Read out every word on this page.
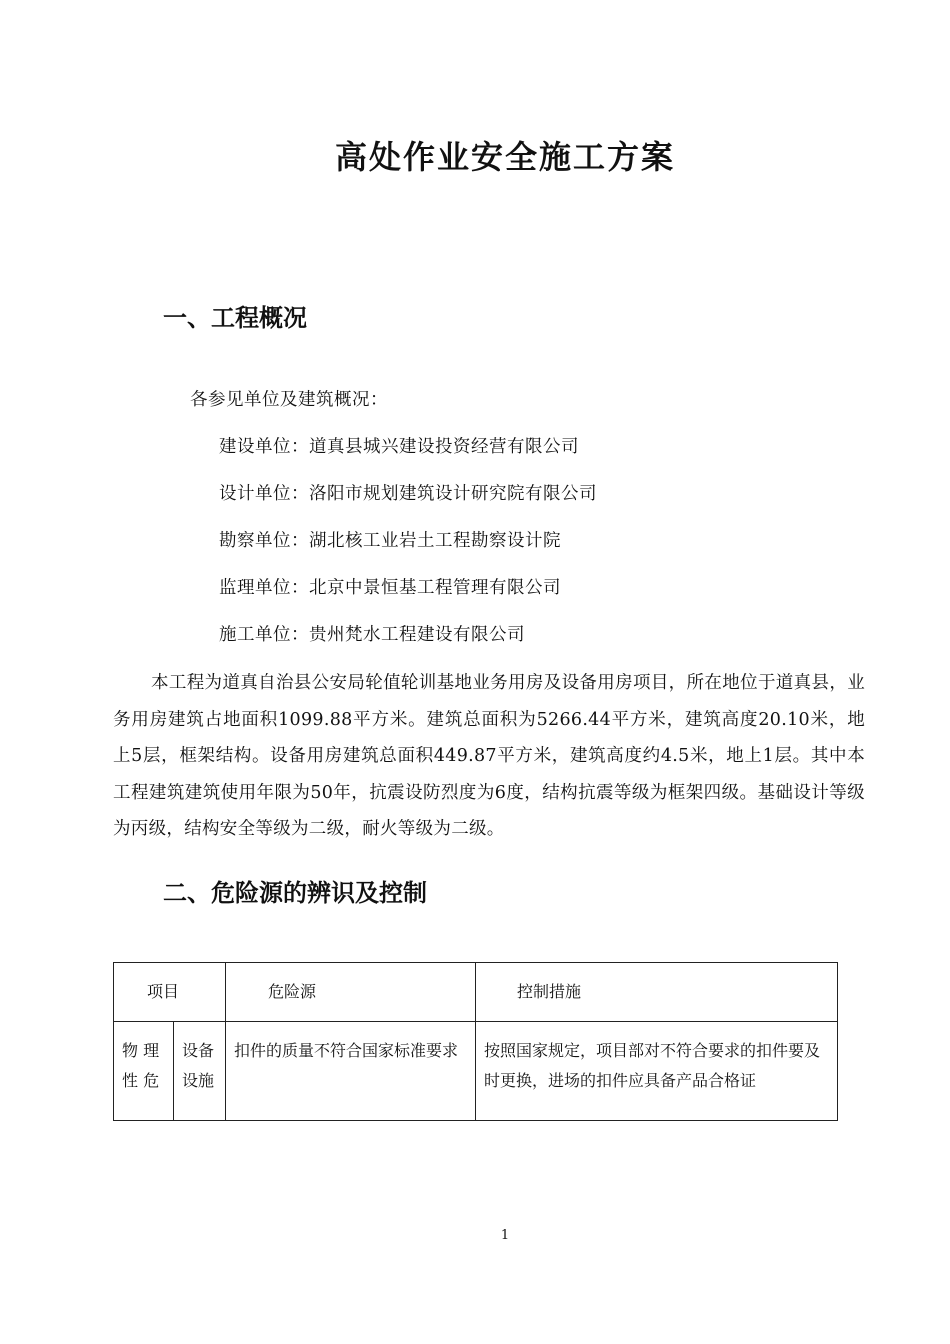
高处作业安全施工方案
一、工程概况
各参见单位及建筑概况：
建设单位：道真县城兴建设投资经营有限公司
设计单位：洛阳市规划建筑设计研究院有限公司
勘察单位：湖北核工业岩土工程勘察设计院
监理单位：北京中景恒基工程管理有限公司
施工单位：贵州梵水工程建设有限公司

本工程为道真自治县公安局轮值轮训基地业务用房及设备用房项目，所在地位于道真县，业务用房建筑占地面积1099.88平方米。建筑总面积为5266.44平方米，建筑高度20.10米，地上5层，框架结构。设备用房建筑总面积449.87平方米，建筑高度约4.5米，地上1层。其中本工程建筑建筑使用年限为50年，抗震设防烈度为6度，结构抗震等级为框架四级。基础设计等级为丙级，结构安全等级为二级，耐火等级为二级。

二、危险源的辨识及控制
项目		危险源	控制措施

物 理 性 危	设备设施	扣件的质量不符合国家标准要求	按照国家规定，项目部对不符合要求的扣件要及时更换，进场的扣件应具备产品合格证
1
